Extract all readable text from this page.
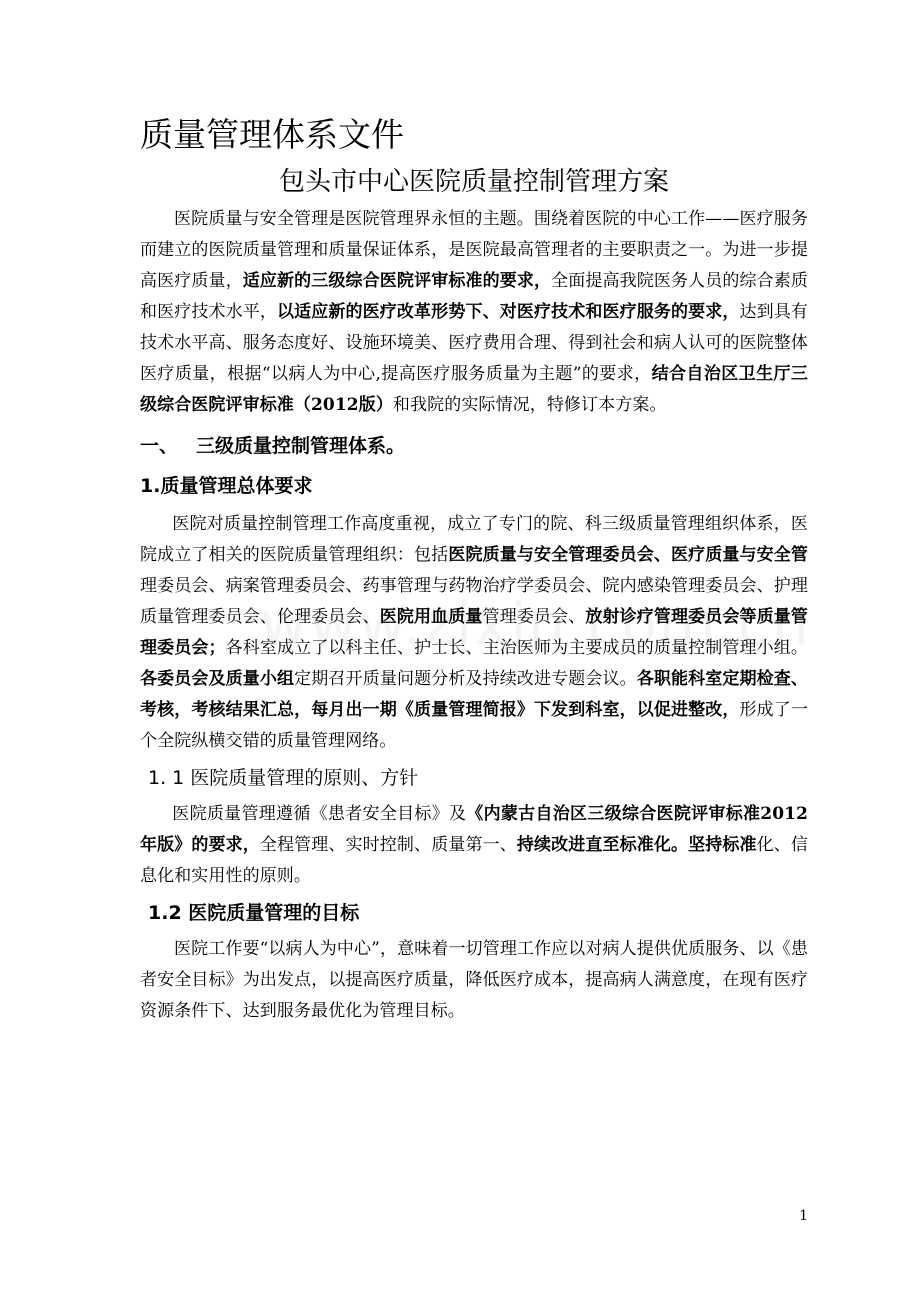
质量管理体系文件
包头市中心医院质量控制管理方案

医院质量与安全管理是医院管理界永恒的主题。围绕着医院的中心工作——医疗服务而建立的医院质量管理和质量保证体系，是医院最高管理者的主要职责之一。为进一步提高医疗质量，适应新的三级综合医院评审标准的要求，全面提高我院医务人员的综合素质和医疗技术水平，以适应新的医疗改革形势下、对医疗技术和医疗服务的要求，达到具有技术水平高、服务态度好、设施环境美、医疗费用合理、得到社会和病人认可的医院整体医疗质量，根据“以病人为中心,提高医疗服务质量为主题”的要求，结合自治区卫生厅三级综合医院评审标准（2012版）和我院的实际情况，特修订本方案。

一、 三级质量控制管理体系。
1.质量管理总体要求

医院对质量控制管理工作高度重视，成立了专门的院、科三级质量管理组织体系，医院成立了相关的医院质量管理组织：包括医院质量与安全管理委员会、医疗质量与安全管理委员会、病案管理委员会、药事管理与药物治疗学委员会、院内感染管理委员会、护理质量管理委员会、伦理委员会、医院用血质量管理委员会、放射诊疗管理委员会等质量管理委员会；各科室成立了以科主任、护士长、主治医师为主要成员的质量控制管理小组。各委员会及质量小组定期召开质量问题分析及持续改进专题会议。各职能科室定期检查、考核，考核结果汇总，每月出一期《质量管理简报》下发到科室，以促进整改，形成了一个全院纵横交错的质量管理网络。

1. 1 医院质量管理的原则、方针

医院质量管理遵循《患者安全目标》及《内蒙古自治区三级综合医院评审标准2012年版》的要求，全程管理、实时控制、质量第一、持续改进直至标准化。坚持标准化、信息化和实用性的原则。

1.2 医院质量管理的目标

医院工作要“以病人为中心”，意味着一切管理工作应以对病人提供优质服务、以《患者安全目标》为出发点，以提高医疗质量，降低医疗成本，提高病人满意度，在现有医疗资源条件下、达到服务最优化为管理目标。

1
